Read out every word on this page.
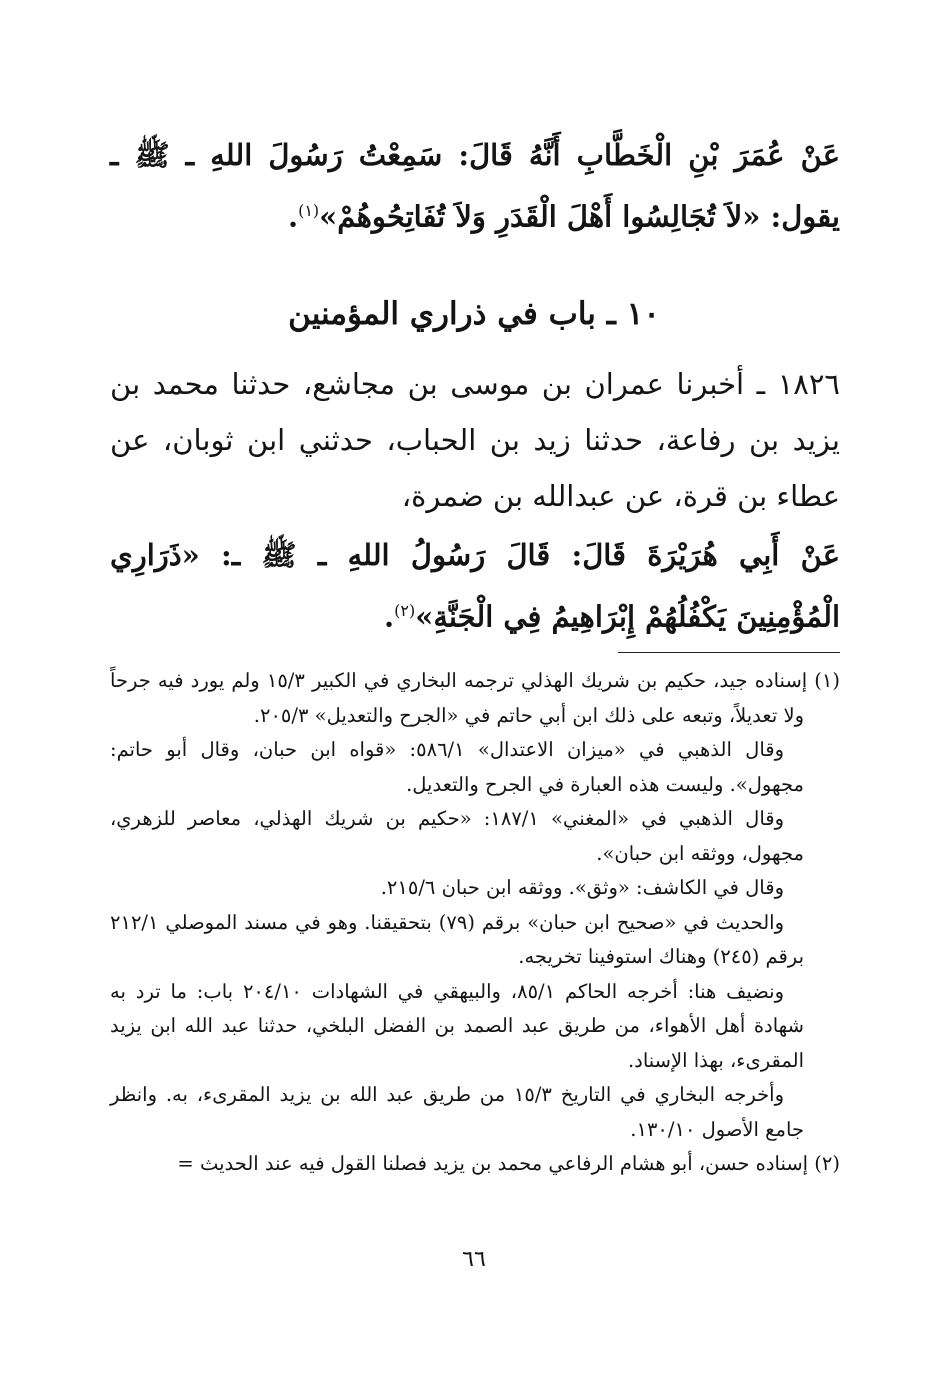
عَنْ عُمَرَ بْنِ الْخَطَّابِ أَنَّهُ قَالَ: سَمِعْتُ رَسُولَ اللهِ ـ ﷺ ـ يقول: «لاَ تُجَالِسُوا أَهْلَ الْقَدَرِ وَلاَ تُفَاتِحُوهُمْ»$^{(١)}$.
١٠ ـ باب في ذراري المؤمنين
١٨٢٦ ـ أخبرنا عمران بن موسى بن مجاشع، حدثنا محمد بن يزيد بن رفاعة، حدثنا زيد بن الحباب، حدثني ابن ثوبان، عن عطاء بن قرة، عن عبدالله بن ضمرة،
عَنْ أَبِي هُرَيْرَةَ قَالَ: قَالَ رَسُولُ اللهِ ـ ﷺ ـ: «ذَرَارِي الْمُؤْمِنِينَ يَكْفُلُهُمْ إِبْرَاهِيمُ فِي الْجَنَّةِ»$^{(٢)}$.

(١) إسناده جيد، حكيم بن شريك الهذلي ترجمه البخاري في الكبير ١٥/٣ ولم يورد فيه جرحاً ولا تعديلاً، وتبعه على ذلك ابن أبي حاتم في «الجرح والتعديل» ٢٠٥/٣.

وقال الذهبي في «ميزان الاعتدال» ٥٨٦/١: «قواه ابن حبان، وقال أبو حاتم: مجهول». وليست هذه العبارة في الجرح والتعديل.

وقال الذهبي في «المغني» ١٨٧/١: «حكيم بن شريك الهذلي، معاصر للزهري، مجهول، ووثقه ابن حبان».

وقال في الكاشف: «وثق». ووثقه ابن حبان ٢١٥/٦.

والحديث في «صحيح ابن حبان» برقم (٧٩) بتحقيقنا. وهو في مسند الموصلي ٢١٢/١ برقم (٢٤٥) وهناك استوفينا تخريجه.

ونضيف هنا: أخرجه الحاكم ٨٥/١، والبيهقي في الشهادات ٢٠٤/١٠ باب: ما ترد به شهادة أهل الأهواء، من طريق عبد الصمد بن الفضل البلخي، حدثنا عبد الله ابن يزيد المقرىء، بهذا الإسناد.

وأخرجه البخاري في التاريخ ١٥/٣ من طريق عبد الله بن يزيد المقرىء، به. وانظر جامع الأصول ١٣٠/١٠.

(٢) إسناده حسن، أبو هشام الرفاعي محمد بن يزيد فصلنا القول فيه عند الحديث =

٦٦
